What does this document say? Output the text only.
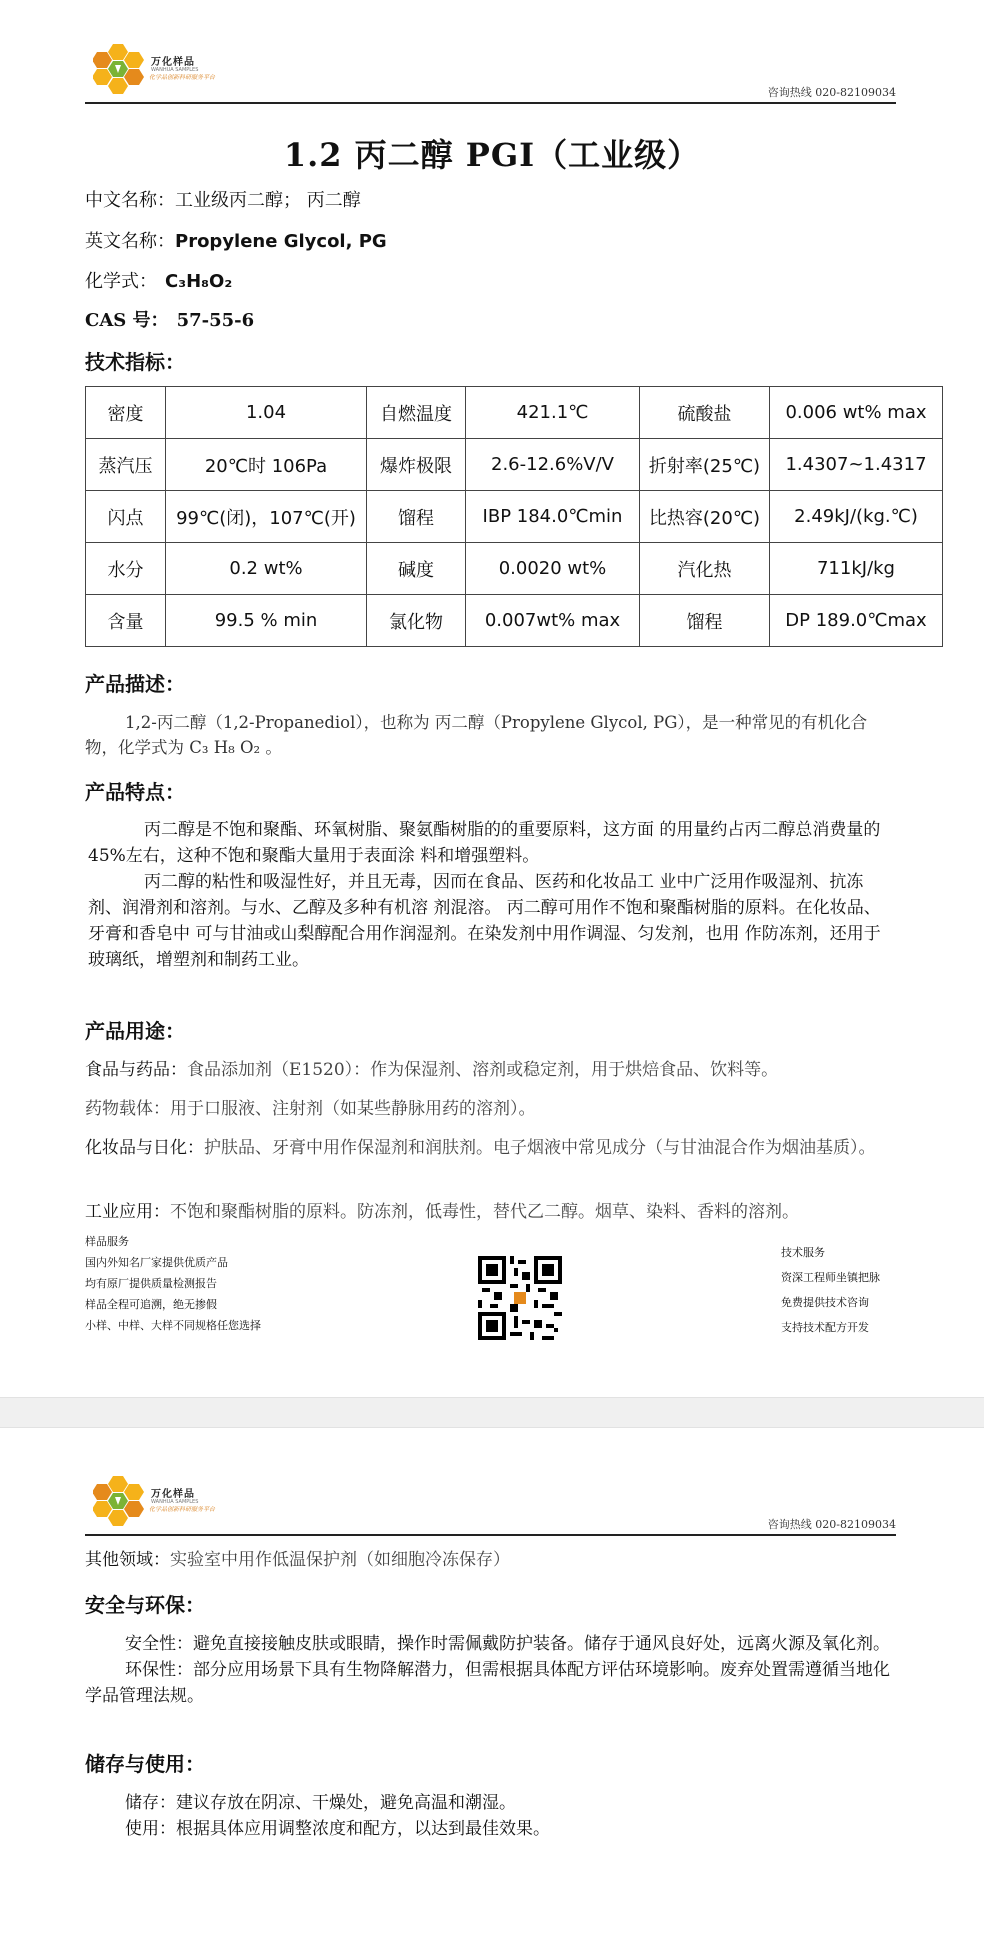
万化样品
WANHUA SAMPLES
化学品创新科研服务平台
咨询热线 020-82109034
1.2 丙二醇 PGI（工业级）
中文名称：工业级丙二醇； 丙二醇
英文名称：Propylene Glycol, PG
化学式： C₃H₈O₂
CAS 号： 57-55-6
技术指标：
密度	1.04	自燃温度	421.1℃	硫酸盐	0.006 wt% max
蒸汽压	20℃时 106Pa	爆炸极限	2.6-12.6%V/V	折射率(25℃)	1.4307~1.4317
闪点	99℃(闭)，107℃(开)	馏程	IBP 184.0℃min	比热容(20℃)	2.49kJ/(kg.℃)
水分	0.2 wt%	碱度	0.0020 wt%	汽化热	711kJ/kg
含量	99.5 % min	氯化物	0.007wt% max	馏程	DP 189.0℃max
产品描述：
1,2-丙二醇（1,2-Propanediol），也称为 丙二醇（Propylene Glycol, PG），是一种常见的有机化合物，化学式为 C₃ H₈ O₂ 。
产品特点：

丙二醇是不饱和聚酯、环氧树脂、聚氨酯树脂的的重要原料，这方面 的用量约占丙二醇总消费量的 45%左右，这种不饱和聚酯大量用于表面涂 料和增强塑料。

丙二醇的粘性和吸湿性好，并且无毒，因而在食品、医药和化妆品工 业中广泛用作吸湿剂、抗冻剂、润滑剂和溶剂。与水、乙醇及多种有机溶 剂混溶。 丙二醇可用作不饱和聚酯树脂的原料。在化妆品、牙膏和香皂中 可与甘油或山梨醇配合用作润湿剂。在染发剂中用作调湿、匀发剂，也用 作防冻剂，还用于玻璃纸，增塑剂和制药工业。

产品用途：
食品与药品：食品添加剂（E1520）：作为保湿剂、溶剂或稳定剂，用于烘焙食品、饮料等。
药物载体：用于口服液、注射剂（如某些静脉用药的溶剂）。
化妆品与日化：护肤品、牙膏中用作保湿剂和润肤剂。电子烟液中常见成分（与甘油混合作为烟油基质）。
工业应用：不饱和聚酯树脂的原料。防冻剂，低毒性，替代乙二醇。烟草、染料、香料的溶剂。
样品服务
国内外知名厂家提供优质产品
均有原厂提供质量检测报告
样品全程可追溯，绝无掺假
小样、中样、大样不同规格任您选择
技术服务
资深工程师坐镇把脉
免费提供技术咨询
支持技术配方开发
万化样品
WANHUA SAMPLES
化学品创新科研服务平台
咨询热线 020-82109034
其他领域：实验室中用作低温保护剂（如细胞冷冻保存）
安全与环保：

安全性：避免直接接触皮肤或眼睛，操作时需佩戴防护装备。储存于通风良好处，远离火源及氧化剂。

环保性：部分应用场景下具有生物降解潜力，但需根据具体配方评估环境影响。废弃处置需遵循当地化学品管理法规。

储存与使用：

储存：建议存放在阴凉、干燥处，避免高温和潮湿。

使用：根据具体应用调整浓度和配方，以达到最佳效果。
